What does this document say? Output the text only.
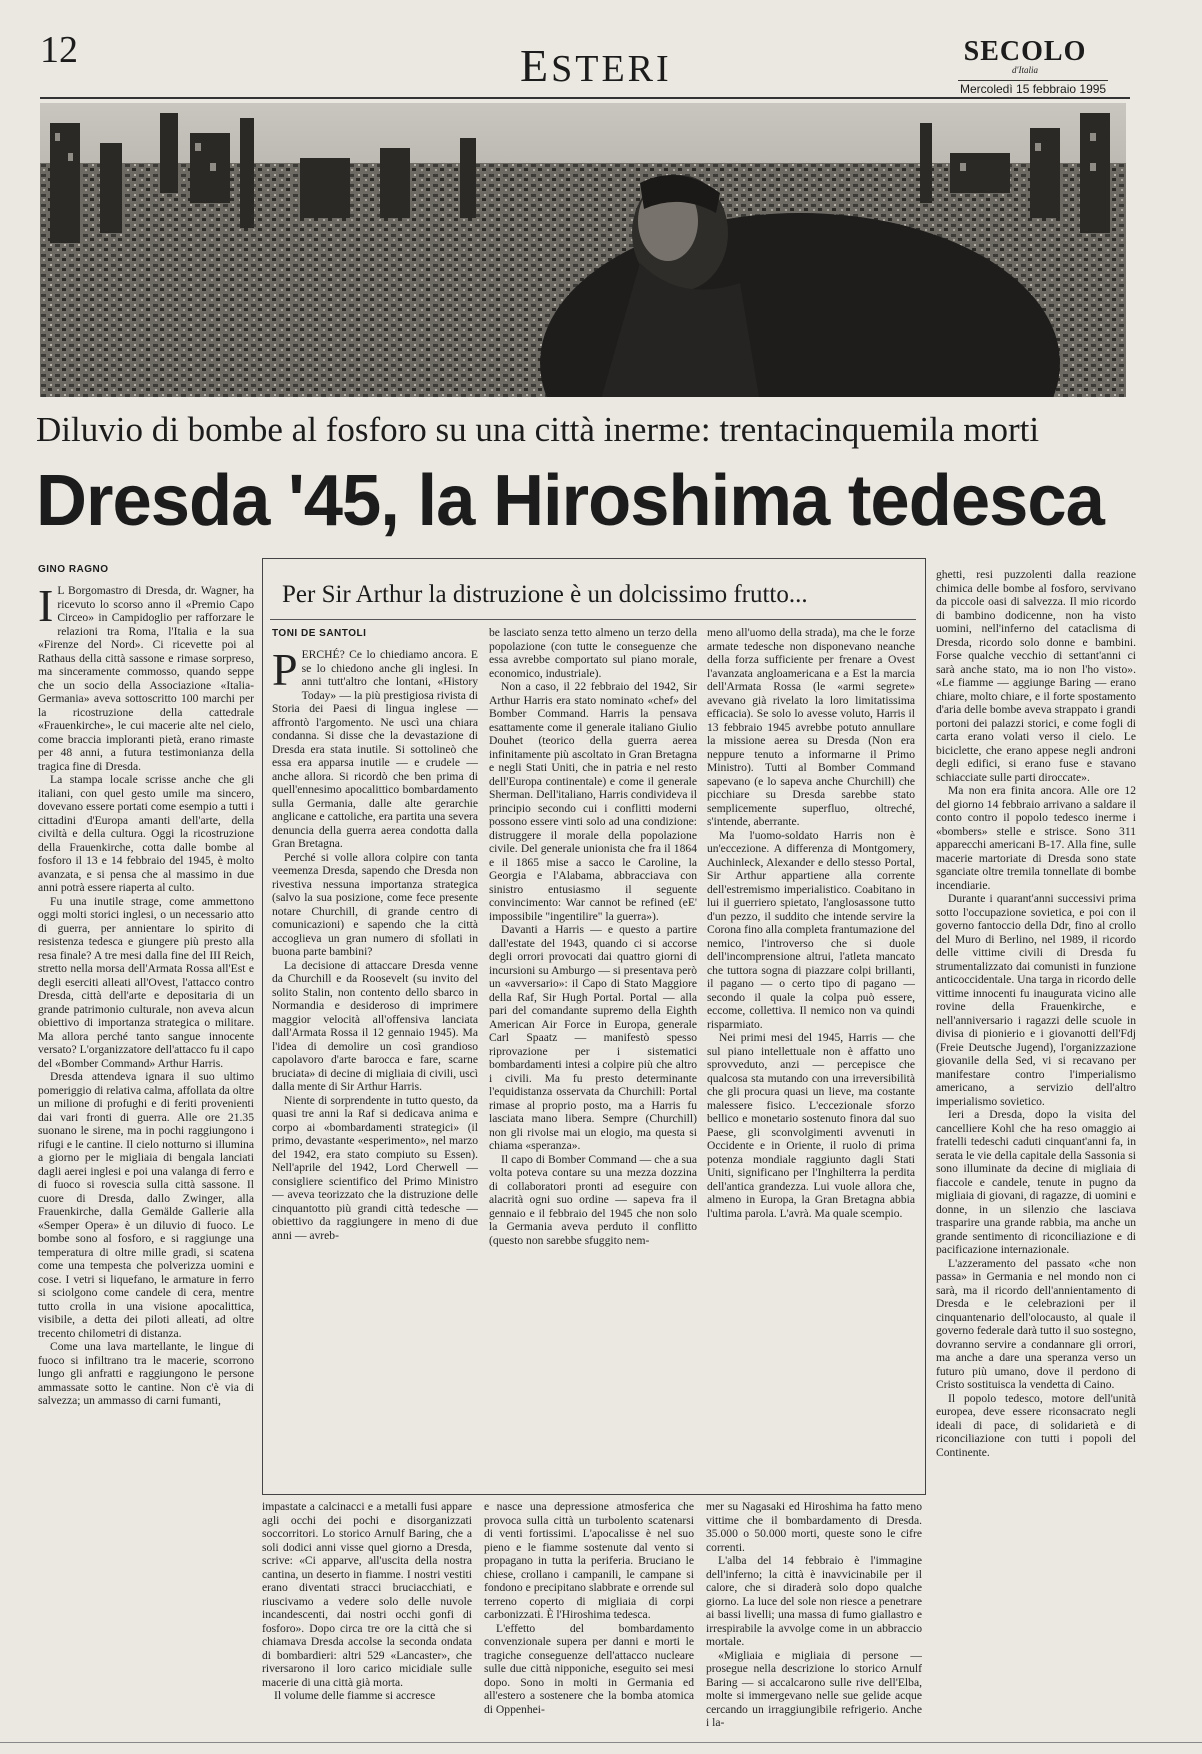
12	ESTERI	SECOLO
d'Italia
Mercoledì 15 febbraio 1995
Diluvio di bombe al fosforo su una città inerme: trentacinquemila morti
Dresda '45, la Hiroshima tedesca
GINO RAGNO
I L Borgomastro di Dresda, dr. Wagner, ha ricevuto lo scorso anno il «Premio Capo Circeo» in Campidoglio per rafforzare le relazioni tra Roma, l'Italia e la sua «Firenze del Nord». Ci ricevette poi al Rathaus della città sassone e rimase sorpreso, ma sinceramente commosso, quando seppe che un socio della Associazione «Italia-Germania» aveva sottoscritto 100 marchi per la ricostruzione della cattedrale «Frauenkirche», le cui macerie alte nel cielo, come braccia imploranti pietà, erano rimaste per 48 anni, a futura testimonianza della tragica fine di Dresda.

La stampa locale scrisse anche che gli italiani, con quel gesto umile ma sincero, dovevano essere portati come esempio a tutti i cittadini d'Europa amanti dell'arte, della civiltà e della cultura. Oggi la ricostruzione della Frauenkirche, cotta dalle bombe al fosforo il 13 e 14 febbraio del 1945, è molto avanzata, e si pensa che al massimo in due anni potrà essere riaperta al culto.

Fu una inutile strage, come ammettono oggi molti storici inglesi, o un necessario atto di guerra, per annientare lo spirito di resistenza tedesca e giungere più presto alla resa finale? A tre mesi dalla fine del III Reich, stretto nella morsa dell'Armata Rossa all'Est e degli eserciti alleati all'Ovest, l'attacco contro Dresda, città dell'arte e depositaria di un grande patrimonio culturale, non aveva alcun obiettivo di importanza strategica o militare. Ma allora perché tanto sangue innocente versato? L'organizzatore dell'attacco fu il capo del «Bomber Command» Arthur Harris.

Dresda attendeva ignara il suo ultimo pomeriggio di relativa calma, affollata da oltre un milione di profughi e di feriti provenienti dai vari fronti di guerra. Alle ore 21.35 suonano le sirene, ma in pochi raggiungono i rifugi e le cantine. Il cielo notturno si illumina a giorno per le migliaia di bengala lanciati dagli aerei inglesi e poi una valanga di ferro e di fuoco si rovescia sulla città sassone. Il cuore di Dresda, dallo Zwinger, alla Frauenkirche, dalla Gemälde Gallerie alla «Semper Opera» è un diluvio di fuoco. Le bombe sono al fosforo, e si raggiunge una temperatura di oltre mille gradi, si scatena come una tempesta che polverizza uomini e cose. I vetri si liquefano, le armature in ferro si sciolgono come candele di cera, mentre tutto crolla in una visione apocalittica, visibile, a detta dei piloti alleati, ad oltre trecento chilometri di distanza.

Come una lava martellante, le lingue di fuoco si infiltrano tra le macerie, scorrono lungo gli anfratti e raggiungono le persone ammassate sotto le cantine. Non c'è via di salvezza; un ammasso di carni fumanti,

Per Sir Arthur la distruzione è un dolcissimo frutto...
TONI DE SANTOLI
P ERCHÉ? Ce lo chiediamo ancora. E se lo chiedono anche gli inglesi. In anni tutt'altro che lontani, «History Today» — la più prestigiosa rivista di Storia dei Paesi di lingua inglese — affrontò l'argomento. Ne uscì una chiara condanna. Si disse che la devastazione di Dresda era stata inutile. Si sottolineò che essa era apparsa inutile — e crudele — anche allora. Si ricordò che ben prima di quell'ennesimo apocalittico bombardamento sulla Germania, dalle alte gerarchie anglicane e cattoliche, era partita una severa denuncia della guerra aerea condotta dalla Gran Bretagna.

Perché si volle allora colpire con tanta veemenza Dresda, sapendo che Dresda non rivestiva nessuna importanza strategica (salvo la sua posizione, come fece presente notare Churchill, di grande centro di comunicazioni) e sapendo che la città accoglieva un gran numero di sfollati in buona parte bambini?

La decisione di attaccare Dresda venne da Churchill e da Roosevelt (su invito del solito Stalin, non contento dello sbarco in Normandia e desideroso di imprimere maggior velocità all'offensiva lanciata dall'Armata Rossa il 12 gennaio 1945). Ma l'idea di demolire un così grandioso capolavoro d'arte barocca e fare, scarne bruciata» di decine di migliaia di civili, uscì dalla mente di Sir Arthur Harris.

Niente di sorprendente in tutto questo, da quasi tre anni la Raf si dedicava anima e corpo ai «bombardamenti strategici» (il primo, devastante «esperimento», nel marzo del 1942, era stato compiuto su Essen). Nell'aprile del 1942, Lord Cherwell — consigliere scientifico del Primo Ministro — aveva teorizzato che la distruzione delle cinquantotto più grandi città tedesche — obiettivo da raggiungere in meno di due anni — avreb-

be lasciato senza tetto almeno un terzo della popolazione (con tutte le conseguenze che essa avrebbe comportato sul piano morale, economico, industriale).

Non a caso, il 22 febbraio del 1942, Sir Arthur Harris era stato nominato «chef» del Bomber Command. Harris la pensava esattamente come il generale italiano Giulio Douhet (teorico della guerra aerea infinitamente più ascoltato in Gran Bretagna e negli Stati Uniti, che in patria e nel resto dell'Europa continentale) e come il generale Sherman. Dell'italiano, Harris condivideva il principio secondo cui i conflitti moderni possono essere vinti solo ad una condizione: distruggere il morale della popolazione civile. Del generale unionista che fra il 1864 e il 1865 mise a sacco le Caroline, la Georgia e l'Alabama, abbracciava con sinistro entusiasmo il seguente convincimento: War cannot be refined (eE' impossibile "ingentilire" la guerra»).

Davanti a Harris — e questo a partire dall'estate del 1943, quando ci si accorse degli orrori provocati dai quattro giorni di incursioni su Amburgo — si presentava però un «avversario»: il Capo di Stato Maggiore della Raf, Sir Hugh Portal. Portal — alla pari del comandante supremo della Eighth American Air Force in Europa, generale Carl Spaatz — manifestò spesso riprovazione per i sistematici bombardamenti intesi a colpire più che altro i civili. Ma fu presto determinante l'equidistanza osservata da Churchill: Portal rimase al proprio posto, ma a Harris fu lasciata mano libera. Sempre (Churchill) non gli rivolse mai un elogio, ma questa si chiama «speranza».

Il capo di Bomber Command — che a sua volta poteva contare su una mezza dozzina di collaboratori pronti ad eseguire con alacrità ogni suo ordine — sapeva fra il gennaio e il febbraio del 1945 che non solo la Germania aveva perduto il conflitto (questo non sarebbe sfuggito nem-

meno all'uomo della strada), ma che le forze armate tedesche non disponevano neanche della forza sufficiente per frenare a Ovest l'avanzata angloamericana e a Est la marcia dell'Armata Rossa (le «armi segrete» avevano già rivelato la loro limitatissima efficacia). Se solo lo avesse voluto, Harris il 13 febbraio 1945 avrebbe potuto annullare la missione aerea su Dresda (Non era neppure tenuto a informarne il Primo Ministro). Tutti al Bomber Command sapevano (e lo sapeva anche Churchill) che picchiare su Dresda sarebbe stato semplicemente superfluo, oltreché, s'intende, aberrante.

Ma l'uomo-soldato Harris non è un'eccezione. A differenza di Montgomery, Auchinleck, Alexander e dello stesso Portal, Sir Arthur appartiene alla corrente dell'estremismo imperialistico. Coabitano in lui il guerriero spietato, l'anglosassone tutto d'un pezzo, il suddito che intende servire la Corona fino alla completa frantumazione del nemico, l'introverso che si duole dell'incomprensione altrui, l'atleta mancato che tuttora sogna di piazzare colpi brillanti, il pagano — o certo tipo di pagano — secondo il quale la colpa può essere, eccome, collettiva. Il nemico non va quindi risparmiato.

Nei primi mesi del 1945, Harris — che sul piano intellettuale non è affatto uno sprovveduto, anzi — percepisce che qualcosa sta mutando con una irreversibilità che gli procura quasi un lieve, ma costante malessere fisico. L'eccezionale sforzo bellico e monetario sostenuto finora dal suo Paese, gli sconvolgimenti avvenuti in Occidente e in Oriente, il ruolo di prima potenza mondiale raggiunto dagli Stati Uniti, significano per l'Inghilterra la perdita dell'antica grandezza. Lui vuole allora che, almeno in Europa, la Gran Bretagna abbia l'ultima parola. L'avrà. Ma quale scempio.

impastate a calcinacci e a metalli fusi appare agli occhi dei pochi e disorganizzati soccorritori. Lo storico Arnulf Baring, che a soli dodici anni visse quel giorno a Dresda, scrive: «Ci apparve, all'uscita della nostra cantina, un deserto in fiamme. I nostri vestiti erano diventati stracci bruciacchiati, e riuscivamo a vedere solo delle nuvole incandescenti, dai nostri occhi gonfi di fosforo». Dopo circa tre ore la città che si chiamava Dresda accolse la seconda ondata di bombardieri: altri 529 «Lancaster», che riversarono il loro carico micidiale sulle macerie di una città già morta.

Il volume delle fiamme si accresce

e nasce una depressione atmosferica che provoca sulla città un turbolento scatenarsi di venti fortissimi. L'apocalisse è nel suo pieno e le fiamme sostenute dal vento si propagano in tutta la periferia. Bruciano le chiese, crollano i campanili, le campane si fondono e precipitano slabbrate e orrende sul terreno coperto di migliaia di corpi carbonizzati. È l'Hiroshima tedesca.

L'effetto del bombardamento convenzionale supera per danni e morti le tragiche conseguenze dell'attacco nucleare sulle due città nipponiche, eseguito sei mesi dopo. Sono in molti in Germania ed all'estero a sostenere che la bomba atomica di Oppenhei-

mer su Nagasaki ed Hiroshima ha fatto meno vittime che il bombardamento di Dresda. 35.000 o 50.000 morti, queste sono le cifre correnti.

L'alba del 14 febbraio è l'immagine dell'inferno; la città è inavvicinabile per il calore, che si diraderà solo dopo qualche giorno. La luce del sole non riesce a penetrare ai bassi livelli; una massa di fumo giallastro e irrespirabile la avvolge come in un abbraccio mortale.

«Migliaia e migliaia di persone — prosegue nella descrizione lo storico Arnulf Baring — si accalcarono sulle rive dell'Elba, molte si immergevano nelle sue gelide acque cercando un irraggiungibile refrigerio. Anche i la-

ghetti, resi puzzolenti dalla reazione chimica delle bombe al fosforo, servivano da piccole oasi di salvezza. Il mio ricordo di bambino dodicenne, non ha visto uomini, nell'inferno del cataclisma di Dresda, ricordo solo donne e bambini. Forse qualche vecchio di settant'anni ci sarà anche stato, ma io non l'ho visto». «Le fiamme — aggiunge Baring — erano chiare, molto chiare, e il forte spostamento d'aria delle bombe aveva strappato i grandi portoni dei palazzi storici, e come fogli di carta erano volati verso il cielo. Le biciclette, che erano appese negli androni degli edifici, si erano fuse e stavano schiacciate sulle parti diroccate».

Ma non era finita ancora. Alle ore 12 del giorno 14 febbraio arrivano a saldare il conto contro il popolo tedesco inerme i «bombers» stelle e strisce. Sono 311 apparecchi americani B-17. Alla fine, sulle macerie martoriate di Dresda sono state sganciate oltre tremila tonnellate di bombe incendiarie.

Durante i quarant'anni successivi prima sotto l'occupazione sovietica, e poi con il governo fantoccio della Ddr, fino al crollo del Muro di Berlino, nel 1989, il ricordo delle vittime civili di Dresda fu strumentalizzato dai comunisti in funzione anticoccidentale. Una targa in ricordo delle vittime innocenti fu inaugurata vicino alle rovine della Frauenkirche, e nell'anniversario i ragazzi delle scuole in divisa di pionierio e i giovanotti dell'Fdj (Freie Deutsche Jugend), l'organizzazione giovanile della Sed, vi si recavano per manifestare contro l'imperialismo americano, a servizio dell'altro imperialismo sovietico.

Ieri a Dresda, dopo la visita del cancelliere Kohl che ha reso omaggio ai fratelli tedeschi caduti cinquant'anni fa, in serata le vie della capitale della Sassonia si sono illuminate da decine di migliaia di fiaccole e candele, tenute in pugno da migliaia di giovani, di ragazze, di uomini e donne, in un silenzio che lasciava trasparire una grande rabbia, ma anche un grande sentimento di riconciliazione e di pacificazione internazionale.

L'azzeramento del passato «che non passa» in Germania e nel mondo non ci sarà, ma il ricordo dell'annientamento di Dresda e le celebrazioni per il cinquantenario dell'olocausto, al quale il governo federale darà tutto il suo sostegno, dovranno servire a condannare gli orrori, ma anche a dare una speranza verso un futuro più umano, dove il perdono di Cristo sostituisca la vendetta di Caino.

Il popolo tedesco, motore dell'unità europea, deve essere riconsacrato negli ideali di pace, di solidarietà e di riconciliazione con tutti i popoli del Continente.
